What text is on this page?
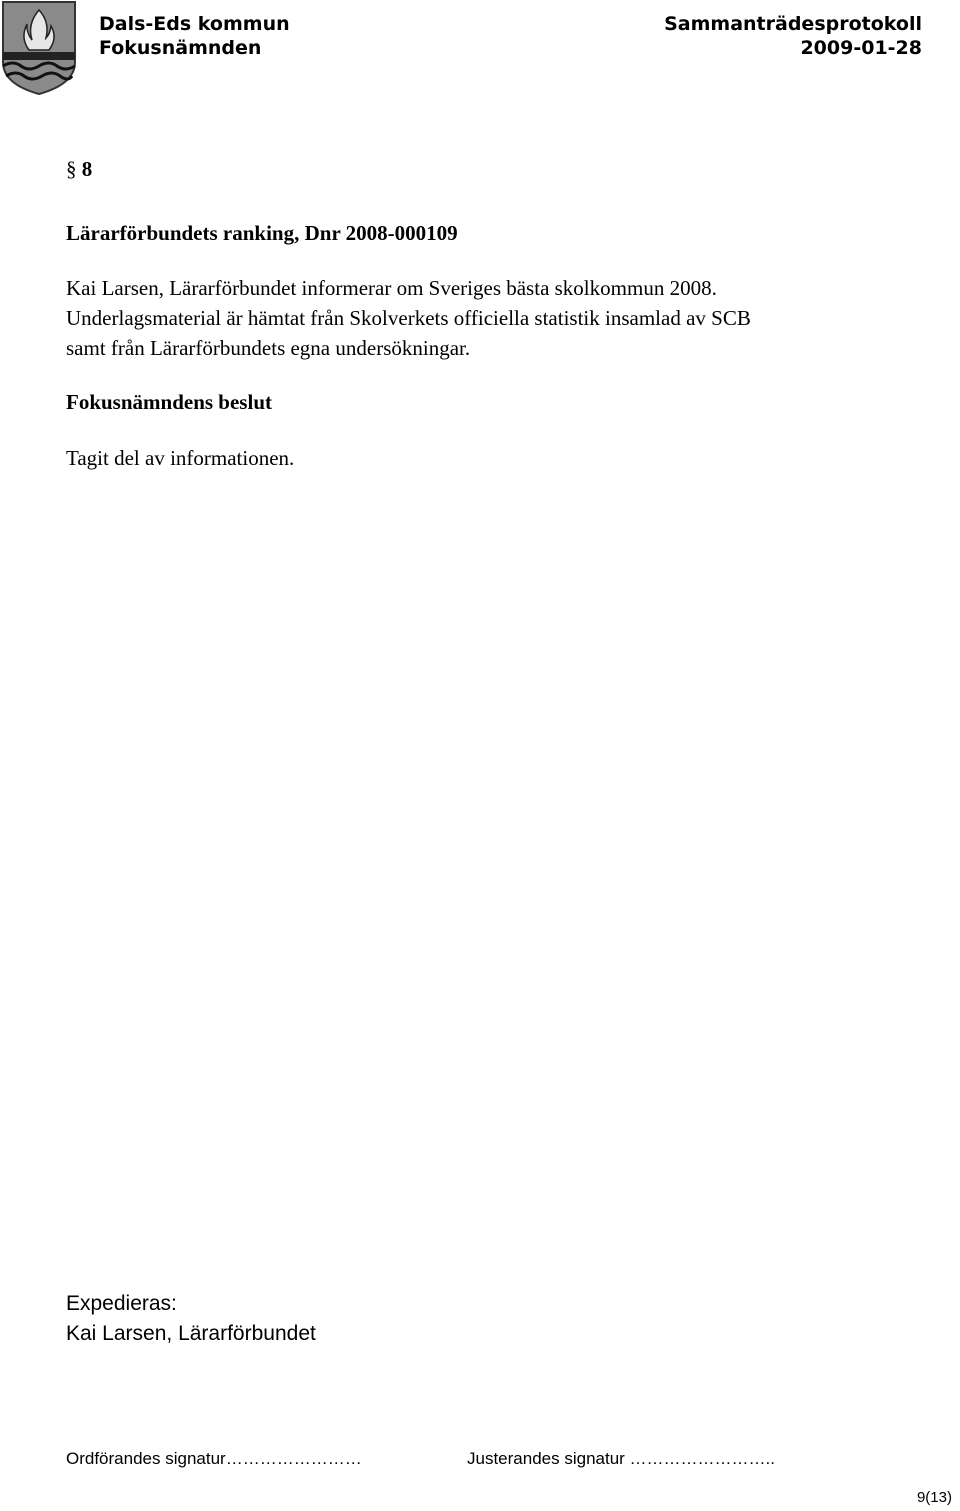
Dals-Eds kommun
Fokusnämnden
Sammanträdesprotokoll
2009-01-28
§ 8
Lärarförbundets ranking, Dnr 2008-000109
Kai Larsen, Lärarförbundet informerar om Sveriges bästa skolkommun 2008.
Underlagsmaterial är hämtat från Skolverkets officiella statistik insamlad av SCB
samt från Lärarförbundets egna undersökningar.
Fokusnämndens beslut
Tagit del av informationen.
Expedieras:
Kai Larsen, Lärarförbundet
Ordförandes signatur……………………	Justerandes signatur ……………………..
9(13)
